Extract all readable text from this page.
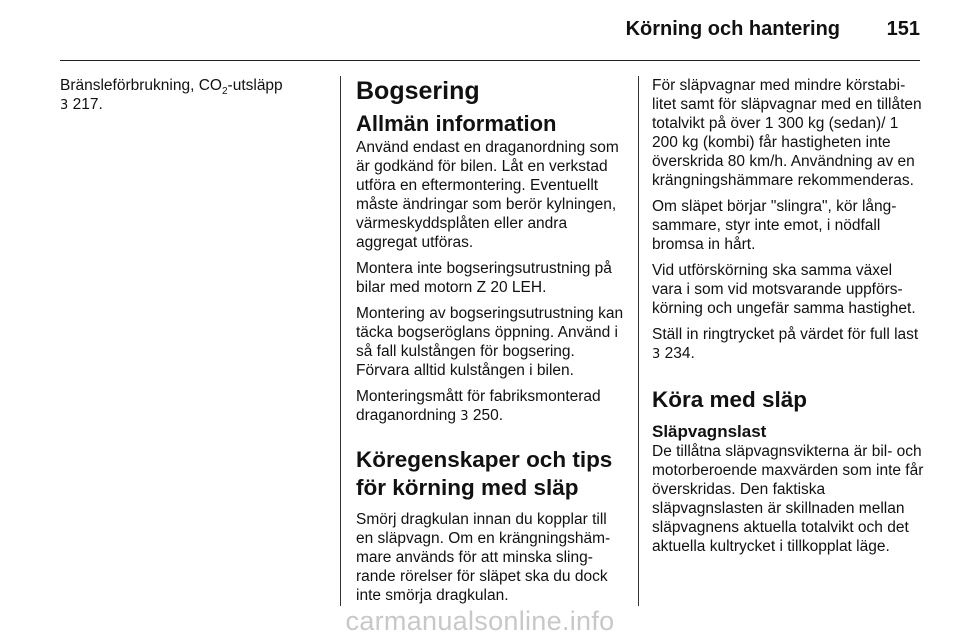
Körning och hantering 151

Bränsleförbrukning, $CO_2$-utsläpp
3 217.	Bogsering
Allmän information

Använd endast en draganordning som är godkänd för bilen. Låt en verkstad utföra en eftermontering. Eventuellt måste ändringar som berör kylningen, värmeskyddsplåten eller andra aggregat utföras.

Montera inte bogseringsutrustning på bilar med motorn Z 20 LEH.

Montering av bogseringsutrustning kan täcka bogseröglans öppning. Använd i så fall kulstången för bogsering. Förvara alltid kulstången i bilen.

Monteringsmått för fabriksmonterad draganordning 3 250.

Köregenskaper och tips för körning med släp

Smörj dragkulan innan du kopplar till en släpvagn. Om en krängningshämmare används för att minska slingrande rörelser för släpet ska du dock inte smörja dragkulan.

För släpvagnar med mindre körstabilitet samt för släpvagnar med en tillåten totalvikt på över 1 300 kg (sedan)/ 1 200 kg (kombi) får hastigheten inte överskrida 80 km/h. Användning av en krängningshämmare rekommenderas.

Om släpet börjar "slingra", kör långsammare, styr inte emot, i nödfall bromsa in hårt.

Vid utförskörning ska samma växel vara i som vid motsvarande uppförskörning och ungefär samma hastighet.

Ställ in ringtrycket på värdet för full last 3 234.

Köra med släp
Släpvagnslast

De tillåtna släpvagnsvikterna är bil- och motorberoende maxvärden som inte får överskridas. Den faktiska släpvagnslasten är skillnaden mellan släpvagnens aktuella totalvikt och det aktuella kultrycket i tillkopplat läge.

carmanualsonline.info
